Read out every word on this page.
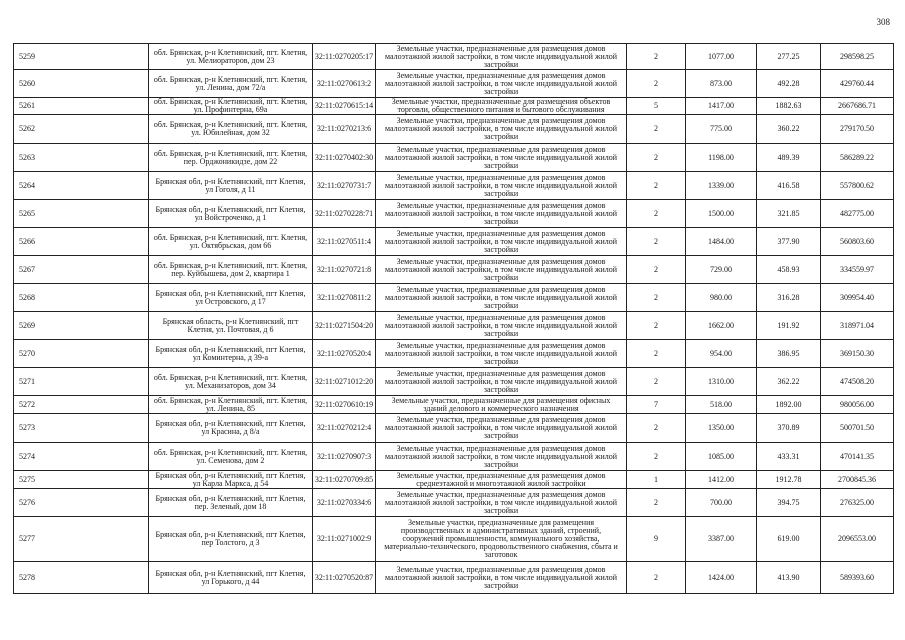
308
5259	обл. Брянская, р-н Клетнянский, пгт. Клетня, ул. Мелиораторов, дом 23	32:11:0270205:17	Земельные участки, предназначенные для размещения домов малоэтажной жилой застройки, в том числе индивидуальной жилой застройки	2	1077.00	277.25	298598.25
5260	обл. Брянская, р-н Клетнянский, пгт. Клетня, ул. Ленина, дом 72/а	32:11:0270613:2	Земельные участки, предназначенные для размещения домов малоэтажной жилой застройки, в том числе индивидуальной жилой застройки	2	873.00	492.28	429760.44
5261	обл. Брянская, р-н Клетнянский, пгт. Клетня, ул. Профинтерна, 69а	32:11:0270615:14	Земельные участки, предназначенные для размещения объектов торговли, общественного питания и бытового обслуживания	5	1417.00	1882.63	2667686.71
5262	обл. Брянская, р-н Клетнянский, пгт. Клетня, ул. Юбилейная, дом 32	32:11:0270213:6	Земельные участки, предназначенные для размещения домов малоэтажной жилой застройки, в том числе индивидуальной жилой застройки	2	775.00	360.22	279170.50
5263	обл. Брянская, р-н Клетнянский, пгт. Клетня, пер. Орджоникидзе, дом 22	32:11:0270402:30	Земельные участки, предназначенные для размещения домов малоэтажной жилой застройки, в том числе индивидуальной жилой застройки	2	1198.00	489.39	586289.22
5264	Брянская обл, р-н Клетнянский, пгт Клетня, ул Гоголя, д 11	32:11:0270731:7	Земельные участки, предназначенные для размещения домов малоэтажной жилой застройки, в том числе индивидуальной жилой застройки	2	1339.00	416.58	557800.62
5265	Брянская обл, р-н Клетнянский, пгт Клетня, ул Войстроченко, д 1	32:11:0270228:71	Земельные участки, предназначенные для размещения домов малоэтажной жилой застройки, в том числе индивидуальной жилой застройки	2	1500.00	321.85	482775.00
5266	обл. Брянская, р-н Клетнянский, пгт. Клетня, ул. Октябрьская, дом 66	32:11:0270511:4	Земельные участки, предназначенные для размещения домов малоэтажной жилой застройки, в том числе индивидуальной жилой застройки	2	1484.00	377.90	560803.60
5267	обл. Брянская, р-н Клетнянский, пгт. Клетня, пер. Куйбышева, дом 2, квартира 1	32:11:0270721:8	Земельные участки, предназначенные для размещения домов малоэтажной жилой застройки, в том числе индивидуальной жилой застройки	2	729.00	458.93	334559.97
5268	Брянская обл, р-н Клетнянский, пгт Клетня, ул Островского, д 17	32:11:0270811:2	Земельные участки, предназначенные для размещения домов малоэтажной жилой застройки, в том числе индивидуальной жилой застройки	2	980.00	316.28	309954.40
5269	Брянская область, р-н Клетнянский, пгт Клетня, ул. Почтовая, д 6	32:11:0271504:20	Земельные участки, предназначенные для размещения домов малоэтажной жилой застройки, в том числе индивидуальной жилой застройки	2	1662.00	191.92	318971.04
5270	Брянская обл, р-н Клетнянский, пгт Клетня, ул Коминтерна, д 39-а	32:11:0270520:4	Земельные участки, предназначенные для размещения домов малоэтажной жилой застройки, в том числе индивидуальной жилой застройки	2	954.00	386.95	369150.30
5271	обл. Брянская, р-н Клетнянский, пгт. Клетня, ул. Механизаторов, дом 34	32:11:0271012:20	Земельные участки, предназначенные для размещения домов малоэтажной жилой застройки, в том числе индивидуальной жилой застройки	2	1310.00	362.22	474508.20
5272	обл. Брянская, р-н Клетнянский, пгт. Клетня, ул. Ленина, 85	32:11:0270610:19	Земельные участки, предназначенные для размещения офисных зданий делового и коммерческого назначения	7	518.00	1892.00	980056.00
5273	Брянская обл, р-н Клетнянский, пгт Клетня, ул Красина, д 8/а	32:11:0270212:4	Земельные участки, предназначенные для размещения домов малоэтажной жилой застройки, в том числе индивидуальной жилой застройки	2	1350.00	370.89	500701.50
5274	обл. Брянская, р-н Клетнянский, пгт. Клетня, ул. Семенова, дом 2	32:11:0270907:3	Земельные участки, предназначенные для размещения домов малоэтажной жилой застройки, в том числе индивидуальной жилой застройки	2	1085.00	433.31	470141.35
5275	Брянская обл, р-н Клетнянский, пгт Клетня, ул Карла Маркса, д 54	32:11:0270709:85	Земельные участки, предназначенные для размещения домов среднеэтажной и многоэтажной жилой застройки	1	1412.00	1912.78	2700845.36
5276	Брянская обл, р-н Клетнянский, пгт Клетня, пер. Зеленый, дом 18	32:11:0270334:6	Земельные участки, предназначенные для размещения домов малоэтажной жилой застройки, в том числе индивидуальной жилой застройки	2	700.00	394.75	276325.00
5277	Брянская обл, р-н Клетнянский, пгт Клетня, пер Толстого, д 3	32:11:0271002:9	Земельные участки, предназначенные для размещения производственных и административных зданий, строений, сооружений промышленности, коммунального хозяйства, материально-технического, продовольственного снабжения, сбыта и заготовок	9	3387.00	619.00	2096553.00
5278	Брянская обл, р-н Клетнянский, пгт Клетня, ул Горького, д 44	32:11:0270520:87	Земельные участки, предназначенные для размещения домов малоэтажной жилой застройки, в том числе индивидуальной жилой застройки	2	1424.00	413.90	589393.60
